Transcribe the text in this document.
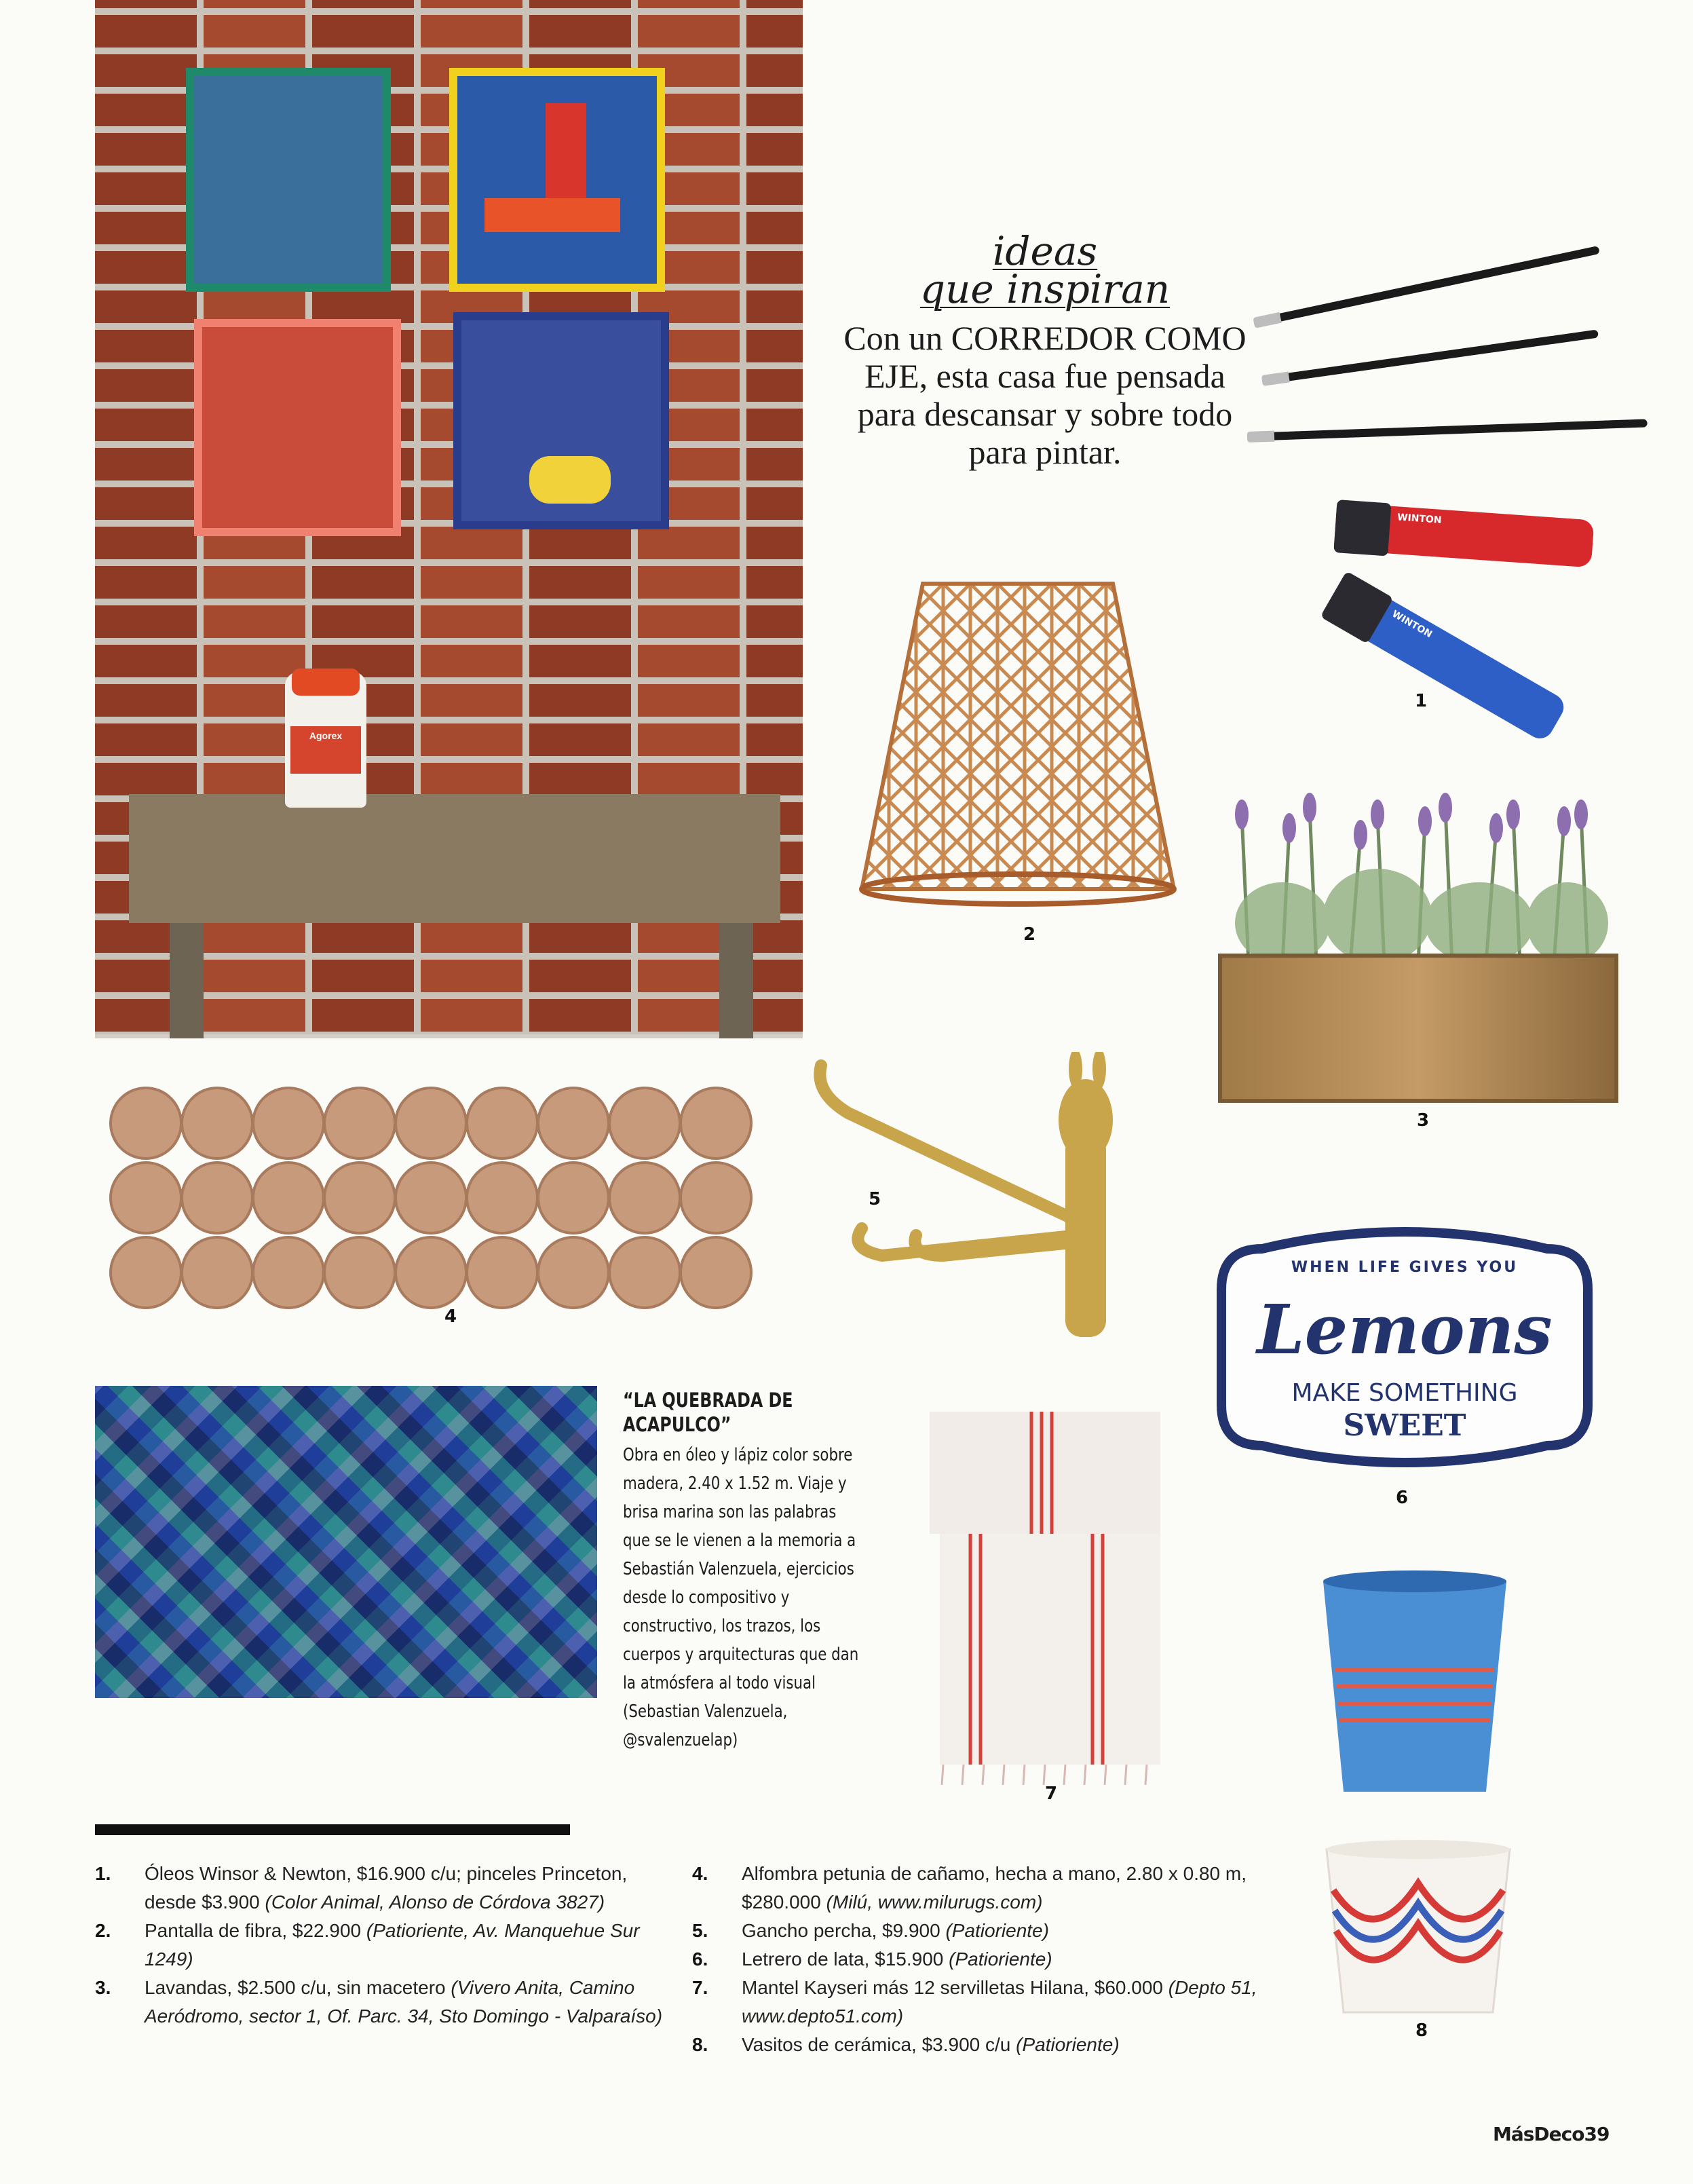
Agorex
ideas
que inspiran
Con un CORREDOR COMO EJE, esta casa fue pensada para descansar y sobre todo para pintar.
WINTON
WINTON
1
2
3
4
5
WHEN LIFE GIVES YOU
Lemons
MAKE SOMETHING
SWEET
6
“LA QUEBRADA DE ACAPULCO”
Obra en óleo y lápiz color sobre madera, 2.40 x 1.52 m. Viaje y brisa marina son las palabras que se le vienen a la memoria a Sebastián Valenzuela, ejercicios desde lo compositivo y constructivo, los trazos, los cuerpos y arquitecturas que dan la atmósfera al todo visual (Sebastian Valenzuela, @svalenzuelap)
7
8
1. Óleos Winsor & Newton, $16.900 c/u; pinceles Princeton, desde $3.900 (Color Animal, Alonso de Córdova 3827)
2. Pantalla de fibra, $22.900 (Patioriente, Av. Manquehue Sur 1249)
3. Lavandas, $2.500 c/u, sin macetero (Vivero Anita, Camino Aeródromo, sector 1, Of. Parc. 34, Sto Domingo - Valparaíso)
4. Alfombra petunia de cañamo, hecha a mano, 2.80 x 0.80 m, $280.000 (Milú, www.milurugs.com)
5. Gancho percha, $9.900 (Patioriente)
6. Letrero de lata, $15.900 (Patioriente)
7. Mantel Kayseri más 12 servilletas Hilana, $60.000 (Depto 51, www.depto51.com)
8. Vasitos de cerámica, $3.900 c/u (Patioriente)
MásDeco39
